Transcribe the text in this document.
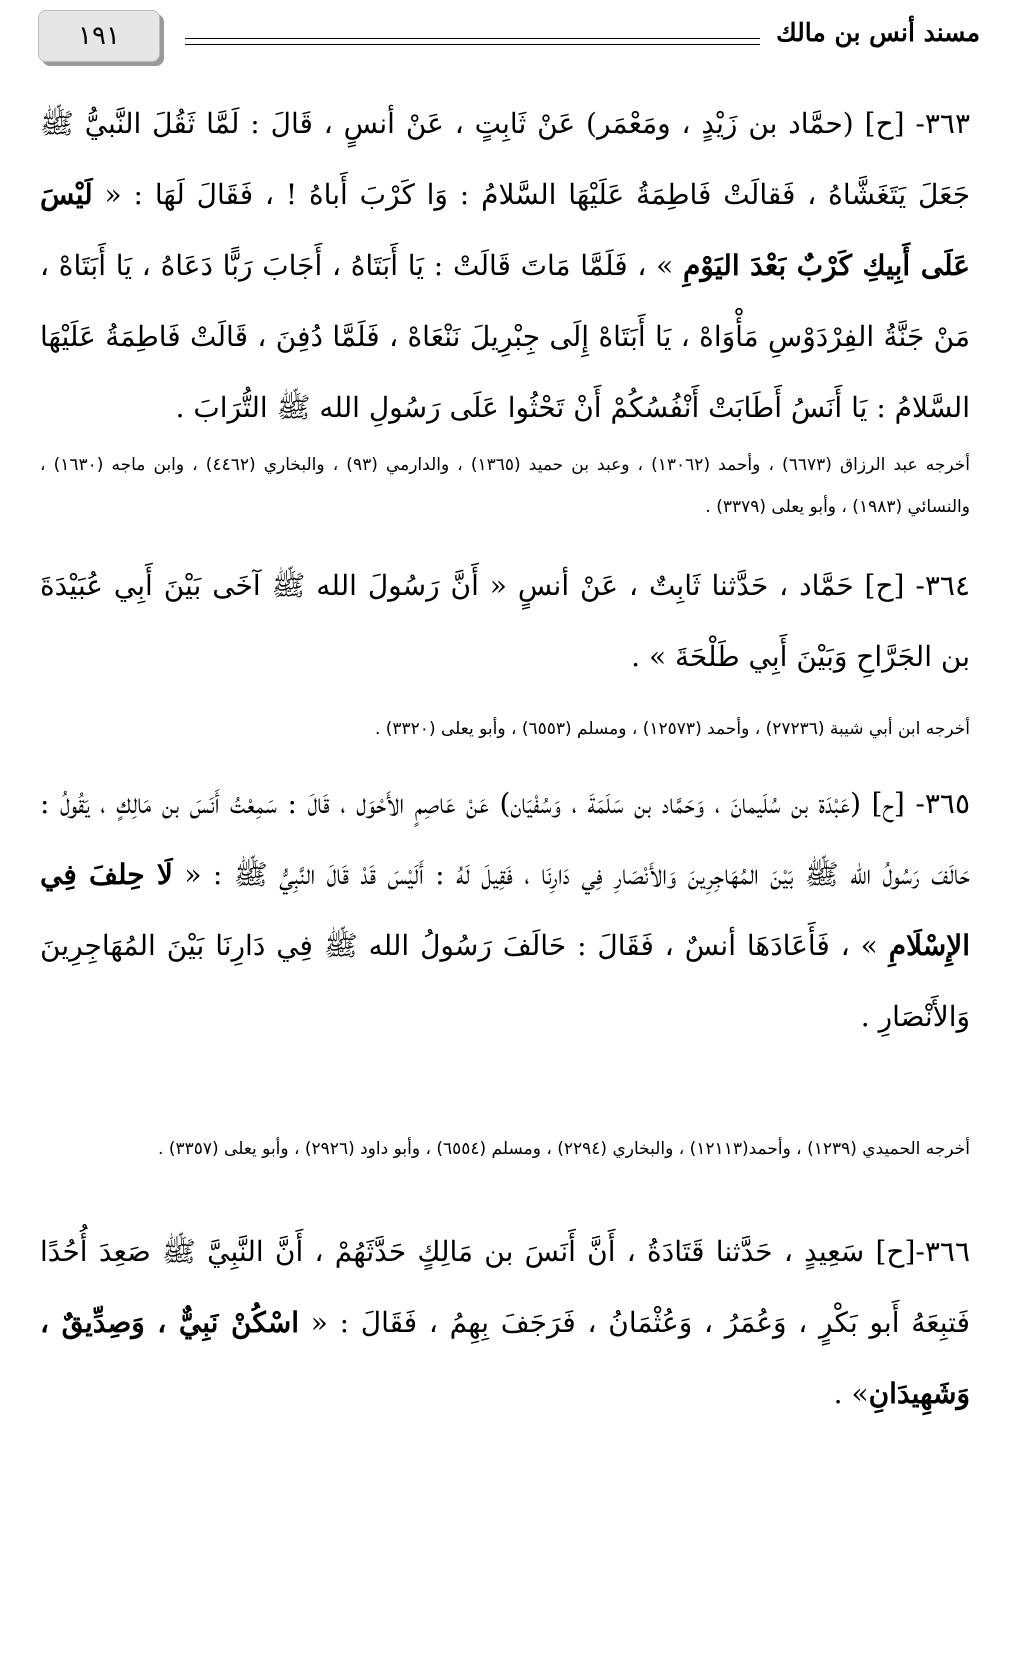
١٩١	مسند أنس بن مالك

٣٦٣- [ح] (حمَّاد بن زَيْدٍ ، ومَعْمَر) عَنْ ثَابِتٍ ، عَنْ أنسٍ ، قَالَ : لَمَّا ثَقُلَ النَّبيُّ ﷺ جَعَلَ يَتَغَشَّاهُ ، فَقالَتْ فَاطِمَةُ عَلَيْهَا السَّلامُ : وَا كَرْبَ أَباهُ ! ، فَقَالَ لَهَا : « لَيْسَ عَلَى أَبِيكِ كَرْبٌ بَعْدَ اليَوْمِ » ، فَلَمَّا مَاتَ قَالَتْ : يَا أَبَتَاهُ ، أَجَابَ رَبًّا دَعَاهُ ، يَا أَبَتَاهْ ، مَنْ جَنَّةُ الفِرْدَوْسِ مَأْوَاهْ ، يَا أَبَتَاهْ إِلَى جِبْرِيلَ نَنْعَاهْ ، فَلَمَّا دُفِنَ ، قَالَتْ فَاطِمَةُ عَلَيْهَا السَّلامُ : يَا أَنَسُ أَطَابَتْ أَنْفُسُكُمْ أَنْ تَحْثُوا عَلَى رَسُولِ الله ﷺ التُّرَابَ .

أخرجه عبد الرزاق (٦٦٧٣) ، وأحمد (١٣٠٦٢) ، وعبد بن حميد (١٣٦٥) ، والدارمي (٩٣) ، والبخاري (٤٤٦٢) ، وابن ماجه (١٦٣٠) ، والنسائي (١٩٨٣) ، وأبو يعلى (٣٣٧٩) .

٣٦٤- [ح] حَمَّاد ، حَدَّثنا ثَابِتٌ ، عَنْ أنسٍ « أَنَّ رَسُولَ الله ﷺ آخَى بَيْنَ أَبِي عُبَيْدَةَ بن الجَرَّاحِ وَبَيْنَ أَبِي طَلْحَةَ » .

أخرجه ابن أبي شيبة (٢٧٢٣٦) ، وأحمد (١٢٥٧٣) ، ومسلم (٦٥٥٣) ، وأبو يعلى (٣٣٢٠) .

٣٦٥- [ح] (عَبْدَة بن سُلَيمانَ ، وَحَمَّاد بن سَلَمَةَ ، وَسُفْيَان) عَنْ عَاصِمٍ الأَحْوَل ، قَالَ : سَمِعْتُ أَنَسَ بن مَالِكٍ ، يَقُولُ : حَالَفَ رَسُولُ الله ﷺ بَيْنَ المُهَاجِرِينَ وَالأَنْصَارِ فِي دَارِنَا ، فَقِيلَ لَهُ : أَلَيْسَ قَدْ قَالَ النَّبِيُّ ﷺ : « لَا حِلفَ فِي الإِسْلَامِ » ، فَأَعَادَهَا أنسٌ ، فَقَالَ : حَالَفَ رَسُولُ الله ﷺ فِي دَارِنَا بَيْنَ المُهَاجِرِينَ وَالأَنْصَارِ .

أخرجه الحميدي (١٢٣٩) ، وأحمد(١٢١١٣) ، والبخاري (٢٢٩٤) ، ومسلم (٦٥٥٤) ، وأبو داود (٢٩٢٦) ، وأبو يعلى (٣٣٥٧) .

٣٦٦-[ح] سَعِيدٍ ، حَدَّثنا قَتَادَةُ ، أَنَّ أَنَسَ بن مَالِكٍ حَدَّثَهُمْ ، أَنَّ النَّبِيَّ ﷺ صَعِدَ أُحُدًا فَتبِعَهُ أَبو بَكْرٍ ، وَعُمَرُ ، وَعُثْمَانُ ، فَرَجَفَ بِهِمُ ، فَقَالَ : « اسْكُنْ نَبِيٌّ ، وَصِدِّيقٌ ، وَشَهِيدَانِ» .
